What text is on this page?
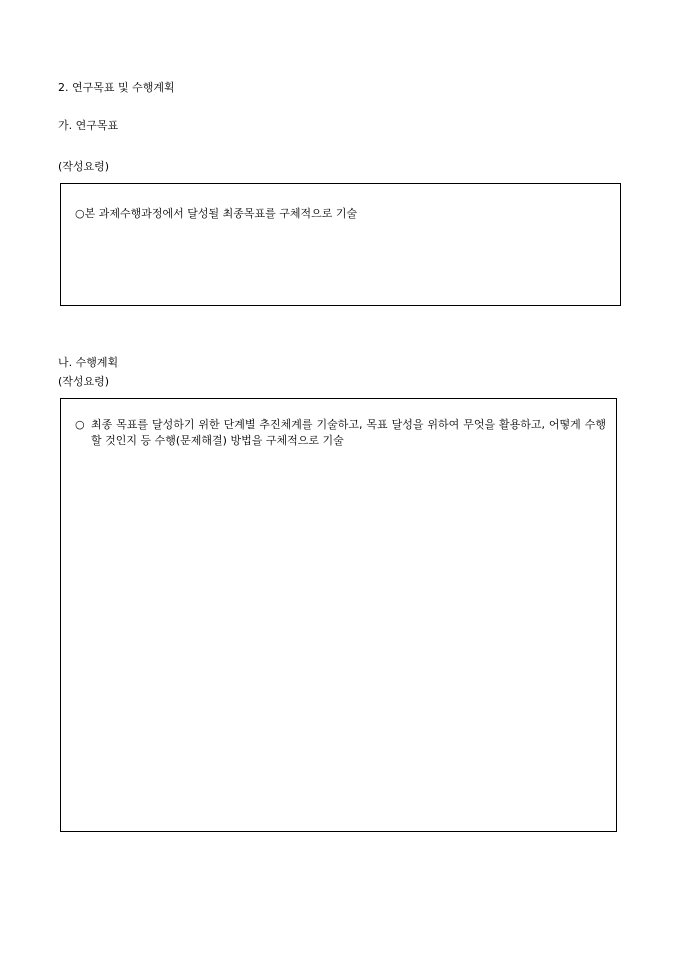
2. 연구목표 및 수행계획
가. 연구목표
(작성요령)
○본 과제수행과정에서 달성될 최종목표를 구체적으로 기술
나. 수행계획
(작성요령)
○ 최종 목표를 달성하기 위한 단계별 추진체계를 기술하고, 목표 달성을 위하여 무엇을 활용하고, 어떻게 수행할 것인지 등 수행(문제해결) 방법을 구체적으로 기술
